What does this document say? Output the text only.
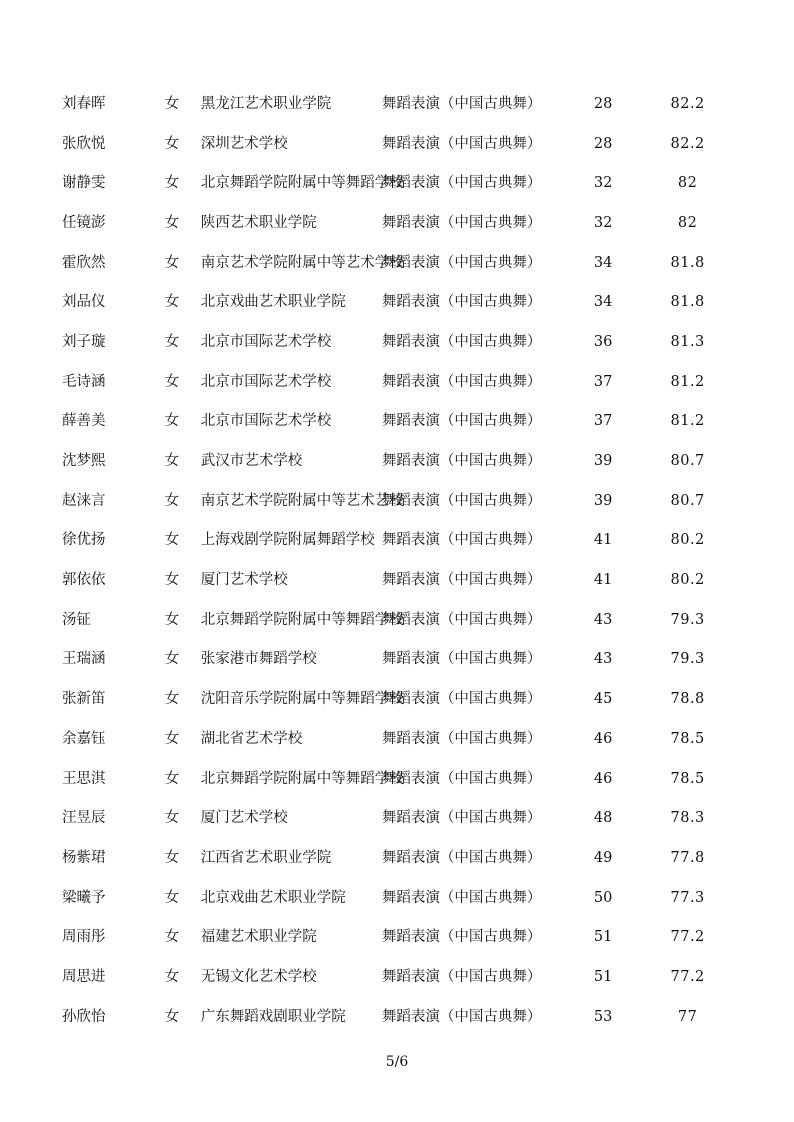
刘春晖	女	黑龙江艺术职业学院	舞蹈表演（中国古典舞）	28	82.2
张欣悦	女	深圳艺术学校	舞蹈表演（中国古典舞）	28	82.2
谢静雯	女	北京舞蹈学院附属中等舞蹈学校	舞蹈表演（中国古典舞）	32	82
任镜澎	女	陕西艺术职业学院	舞蹈表演（中国古典舞）	32	82
霍欣然	女	南京艺术学院附属中等艺术学校	舞蹈表演（中国古典舞）	34	81.8
刘品仪	女	北京戏曲艺术职业学院	舞蹈表演（中国古典舞）	34	81.8
刘子璇	女	北京市国际艺术学校	舞蹈表演（中国古典舞）	36	81.3
毛诗涵	女	北京市国际艺术学校	舞蹈表演（中国古典舞）	37	81.2
薛善美	女	北京市国际艺术学校	舞蹈表演（中国古典舞）	37	81.2
沈梦熙	女	武汉市艺术学校	舞蹈表演（中国古典舞）	39	80.7
赵涞言	女	南京艺术学院附属中等艺术艺校	舞蹈表演（中国古典舞）	39	80.7
徐优扬	女	上海戏剧学院附属舞蹈学校	舞蹈表演（中国古典舞）	41	80.2
郭依依	女	厦门艺术学校	舞蹈表演（中国古典舞）	41	80.2
汤钲	女	北京舞蹈学院附属中等舞蹈学校	舞蹈表演（中国古典舞）	43	79.3
王瑞涵	女	张家港市舞蹈学校	舞蹈表演（中国古典舞）	43	79.3
张新笛	女	沈阳音乐学院附属中等舞蹈学校	舞蹈表演（中国古典舞）	45	78.8
余嘉钰	女	湖北省艺术学校	舞蹈表演（中国古典舞）	46	78.5
王思淇	女	北京舞蹈学院附属中等舞蹈学校	舞蹈表演（中国古典舞）	46	78.5
汪昱辰	女	厦门艺术学校	舞蹈表演（中国古典舞）	48	78.3
杨紫珺	女	江西省艺术职业学院	舞蹈表演（中国古典舞）	49	77.8
梁曦予	女	北京戏曲艺术职业学院	舞蹈表演（中国古典舞）	50	77.3
周雨彤	女	福建艺术职业学院	舞蹈表演（中国古典舞）	51	77.2
周思进	女	无锡文化艺术学校	舞蹈表演（中国古典舞）	51	77.2
孙欣怡	女	广东舞蹈戏剧职业学院	舞蹈表演（中国古典舞）	53	77
5/6
